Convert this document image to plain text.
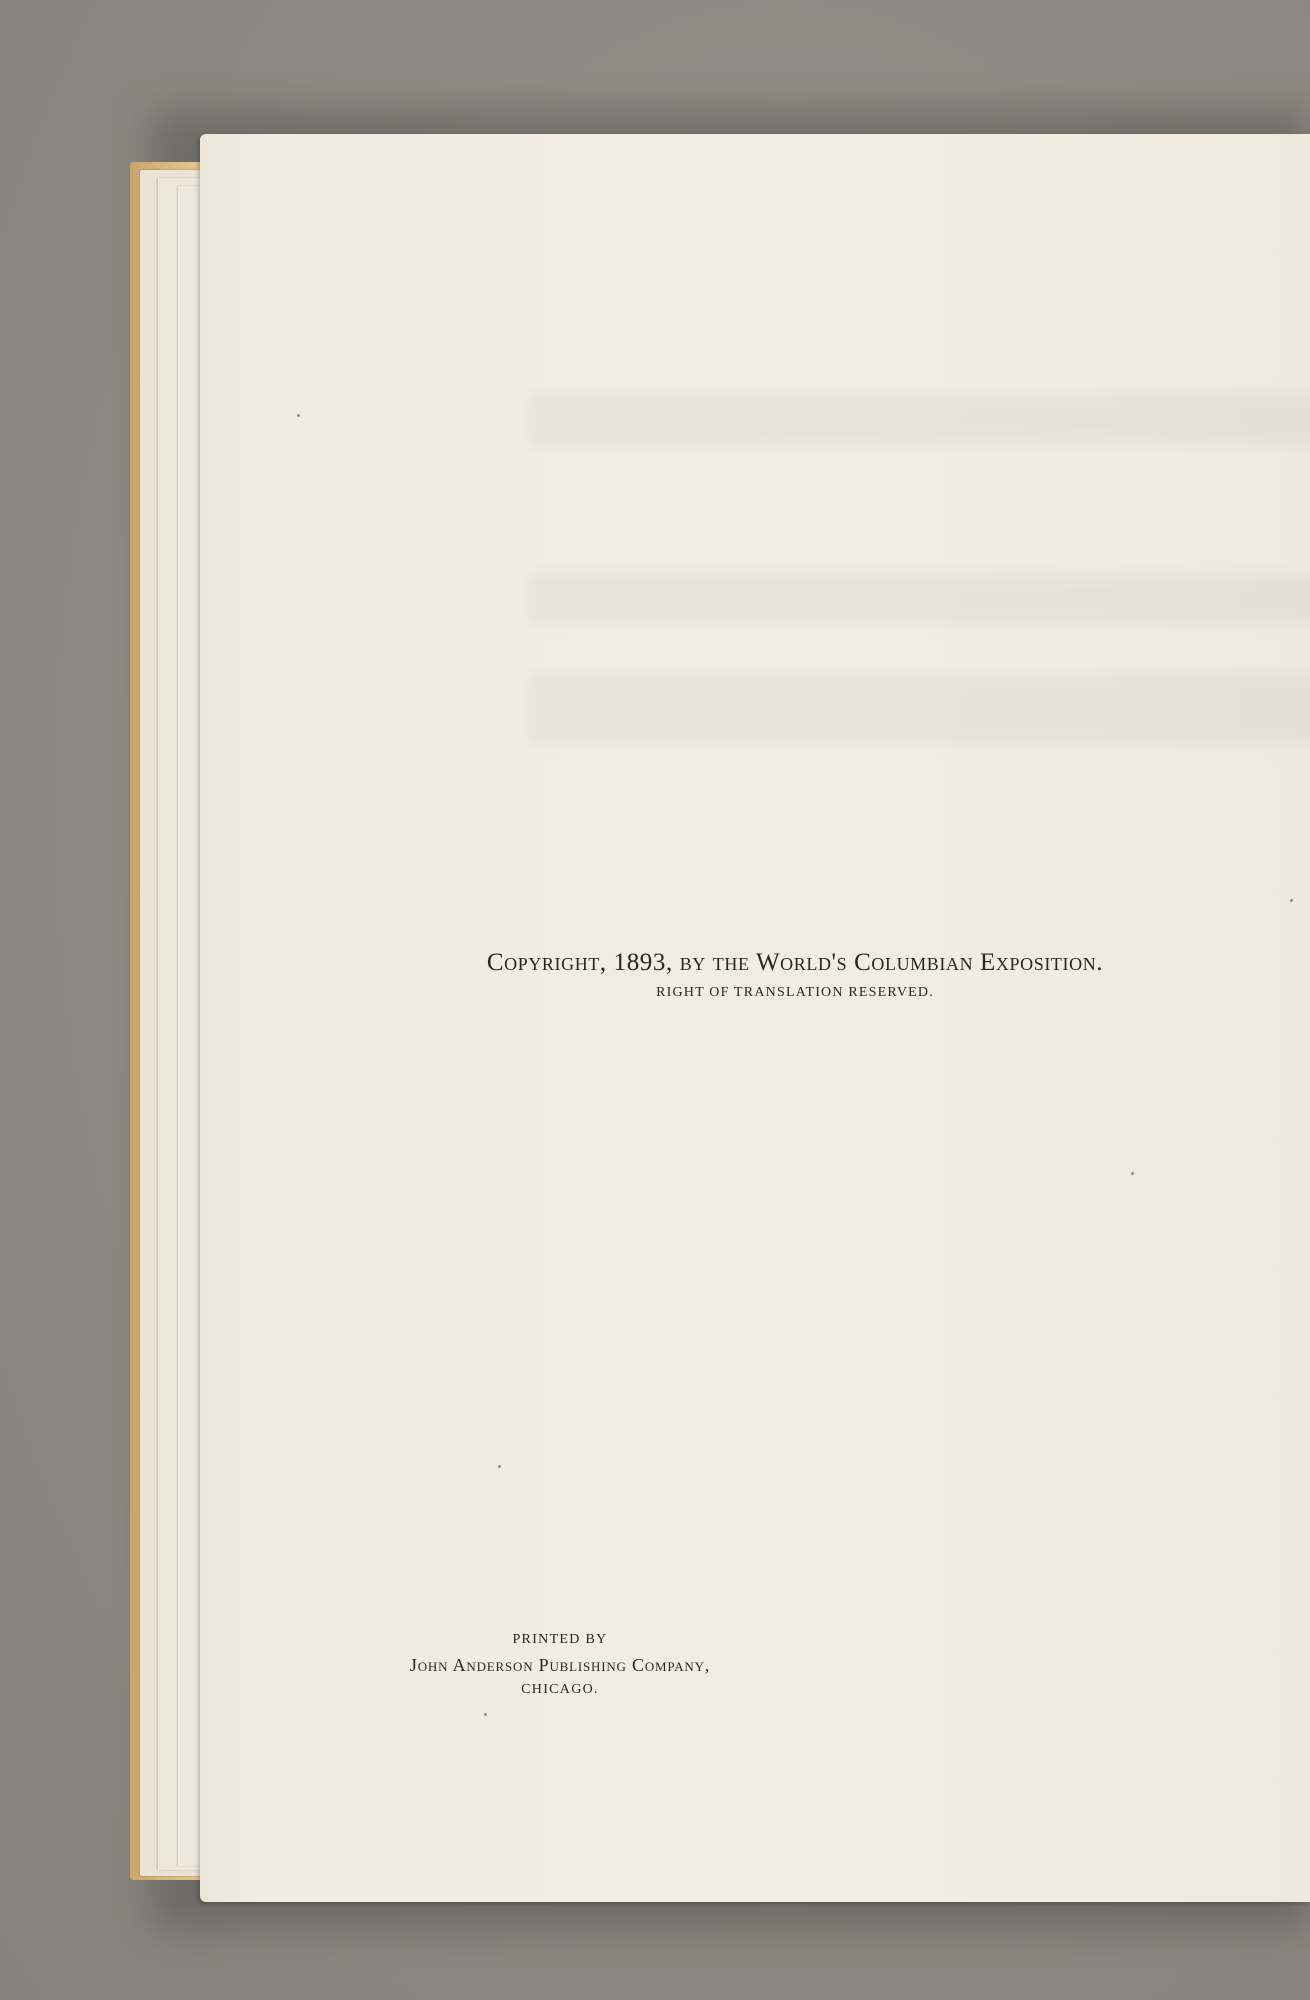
Copyright, 1893, by the World's Columbian Exposition.
RIGHT OF TRANSLATION RESERVED.
PRINTED BY
John Anderson Publishing Company,
CHICAGO.
